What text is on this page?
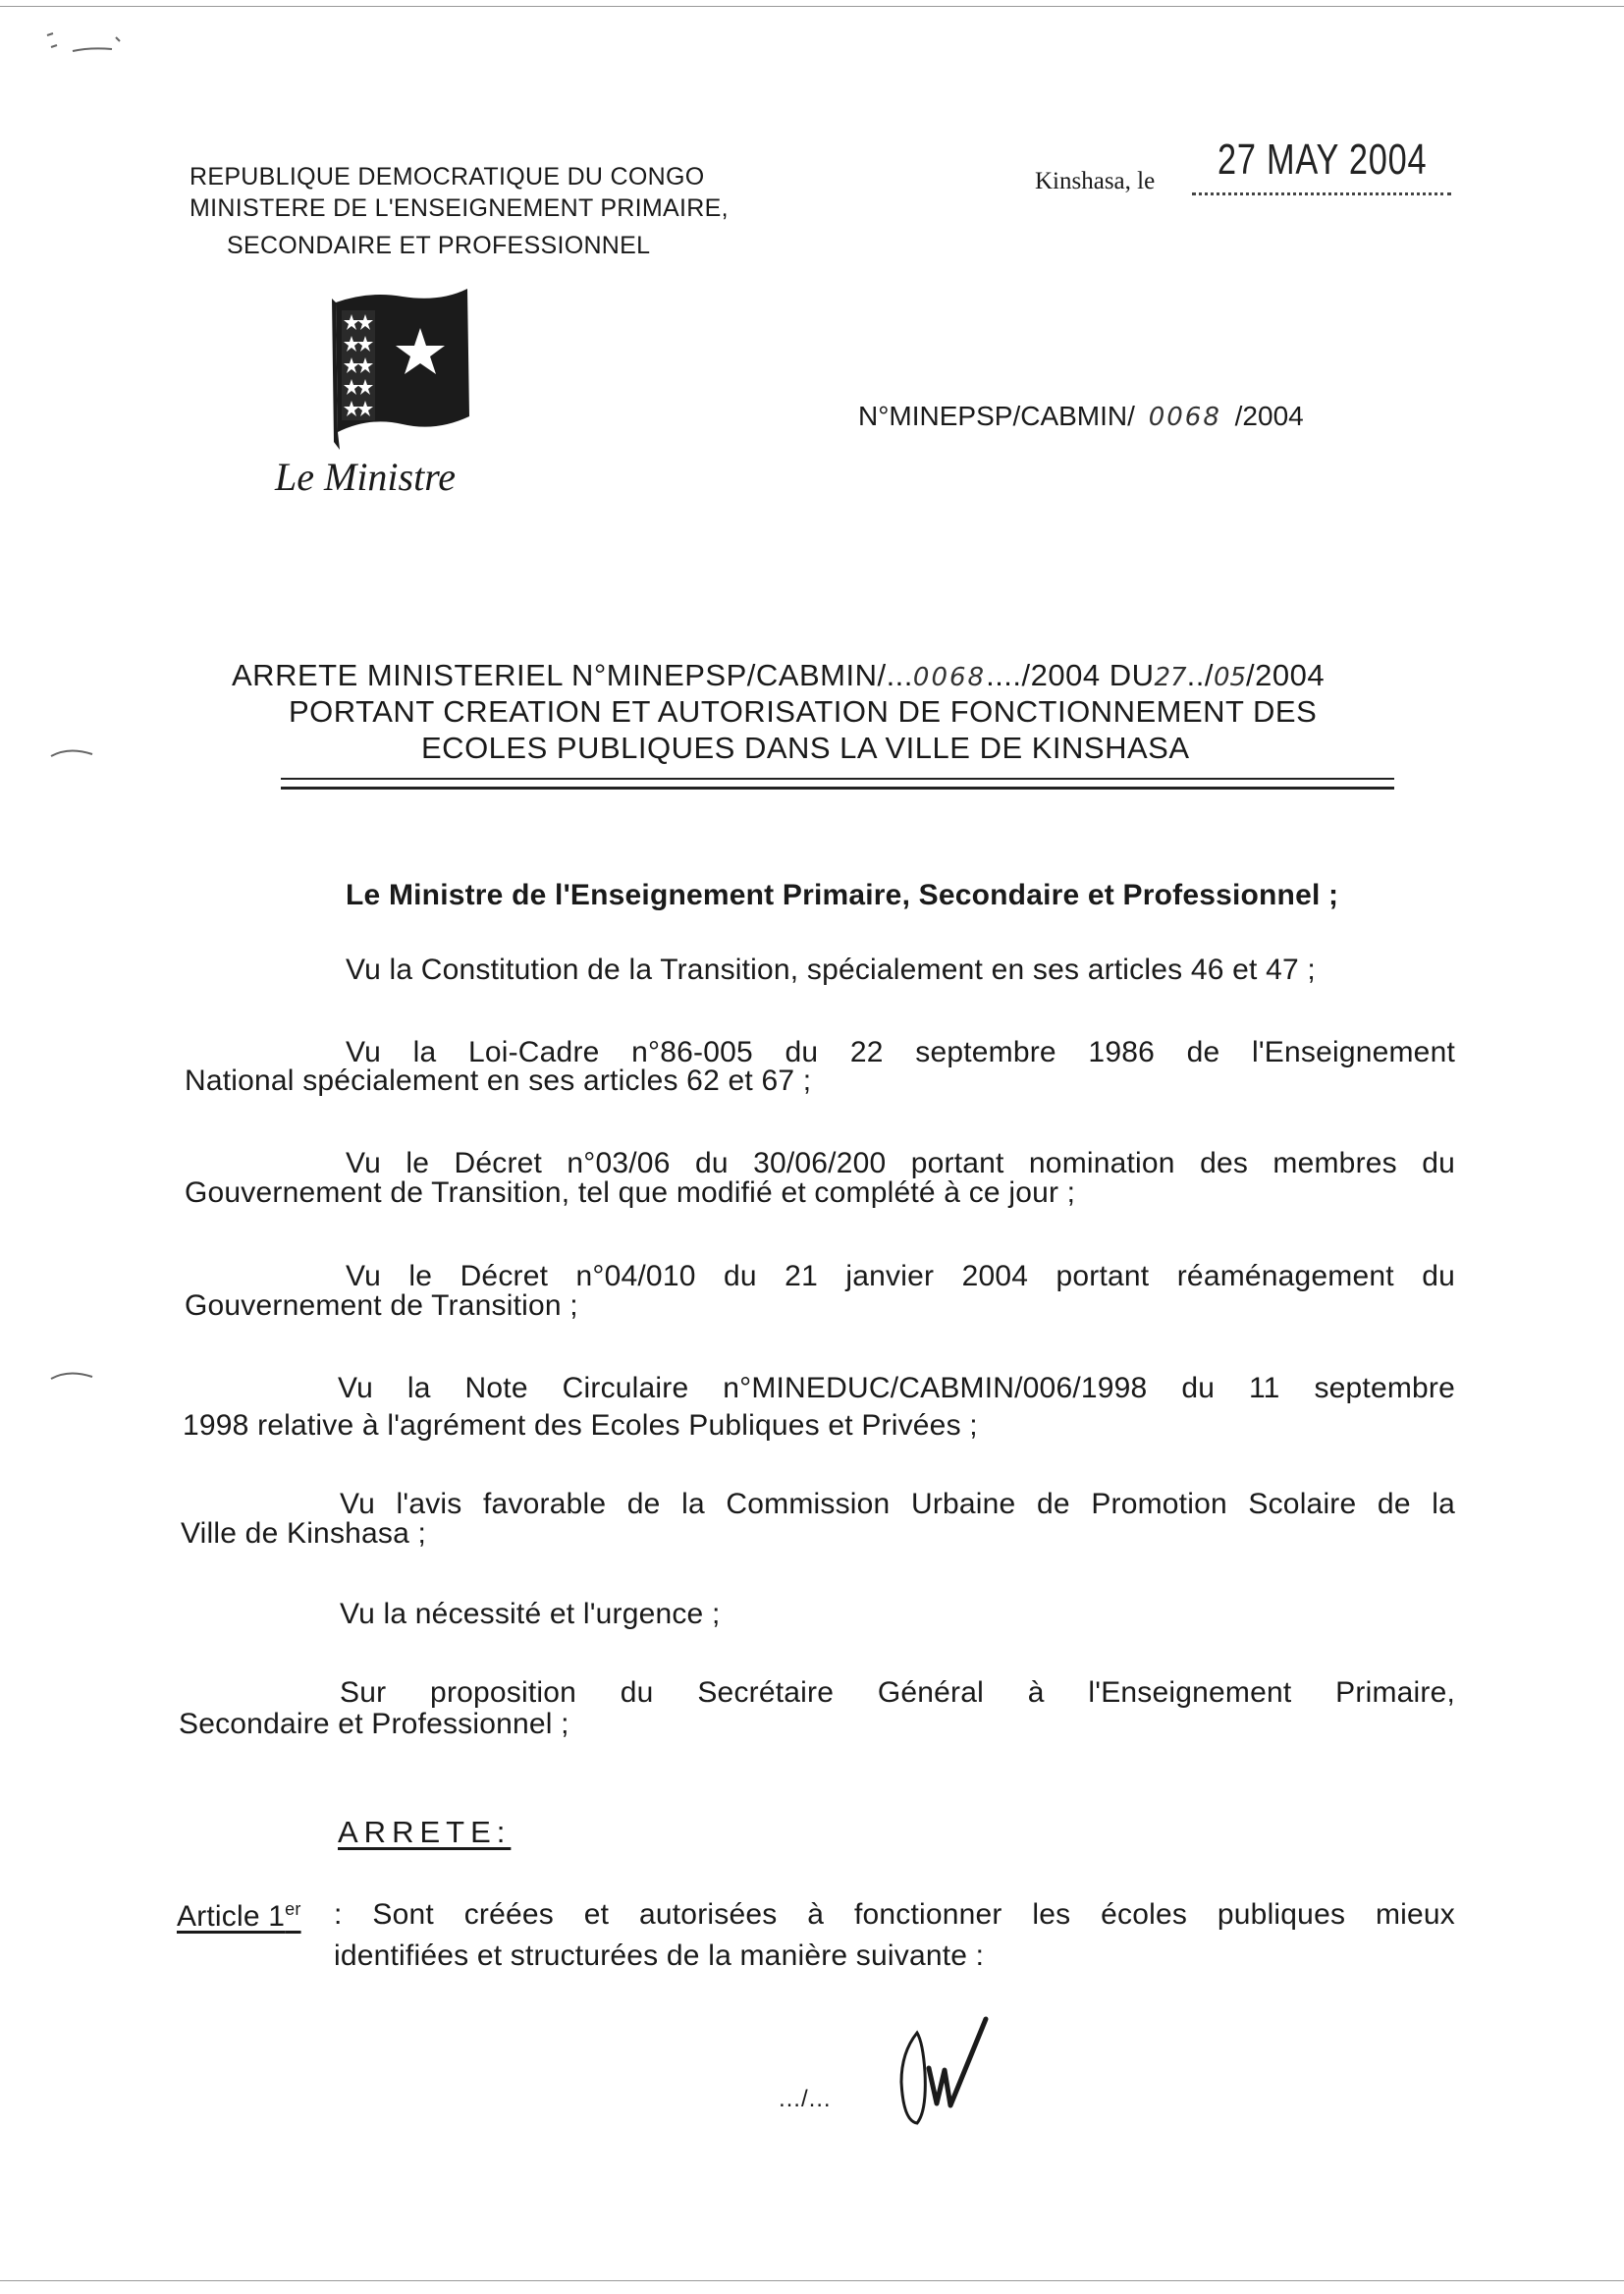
REPUBLIQUE DEMOCRATIQUE DU CONGO
MINISTERE DE L'ENSEIGNEMENT PRIMAIRE,
SECONDAIRE ET PROFESSIONNEL
Kinshasa, le 27 MAY 2004
N°MINEPSP/CABMIN/ 0068 /2004
Le Ministre
ARRETE MINISTERIEL N°MINEPSP/CABMIN/...0068..../2004 DU27../05/2004
PORTANT CREATION ET AUTORISATION DE FONCTIONNEMENT DES
ECOLES PUBLIQUES DANS LA VILLE DE KINSHASA
Le Ministre de l'Enseignement Primaire, Secondaire et Professionnel ;
Vu la Constitution de la Transition, spécialement en ses articles 46 et 47 ;
Vu la Loi-Cadre n°86-005 du 22 septembre 1986 de l'Enseignement
National spécialement en ses articles 62 et 67 ;
Vu le Décret n°03/06 du 30/06/200 portant nomination des membres du
Gouvernement de Transition, tel que modifié et complété à ce jour ;
Vu le Décret n°04/010 du 21 janvier 2004 portant réaménagement du
Gouvernement de Transition ;
Vu la Note Circulaire n°MINEDUC/CABMIN/006/1998 du 11 septembre
1998 relative à l'agrément des Ecoles Publiques et Privées ;
Vu l'avis favorable de la Commission Urbaine de Promotion Scolaire de la
Ville de Kinshasa ;
Vu la nécessité et l'urgence ;
Sur proposition du Secrétaire Général à l'Enseignement Primaire,
Secondaire et Professionnel ;
ARRETE:
Article 1er : Sont créées et autorisées à fonctionner les écoles publiques mieux
identifiées et structurées de la manière suivante :
…/…
